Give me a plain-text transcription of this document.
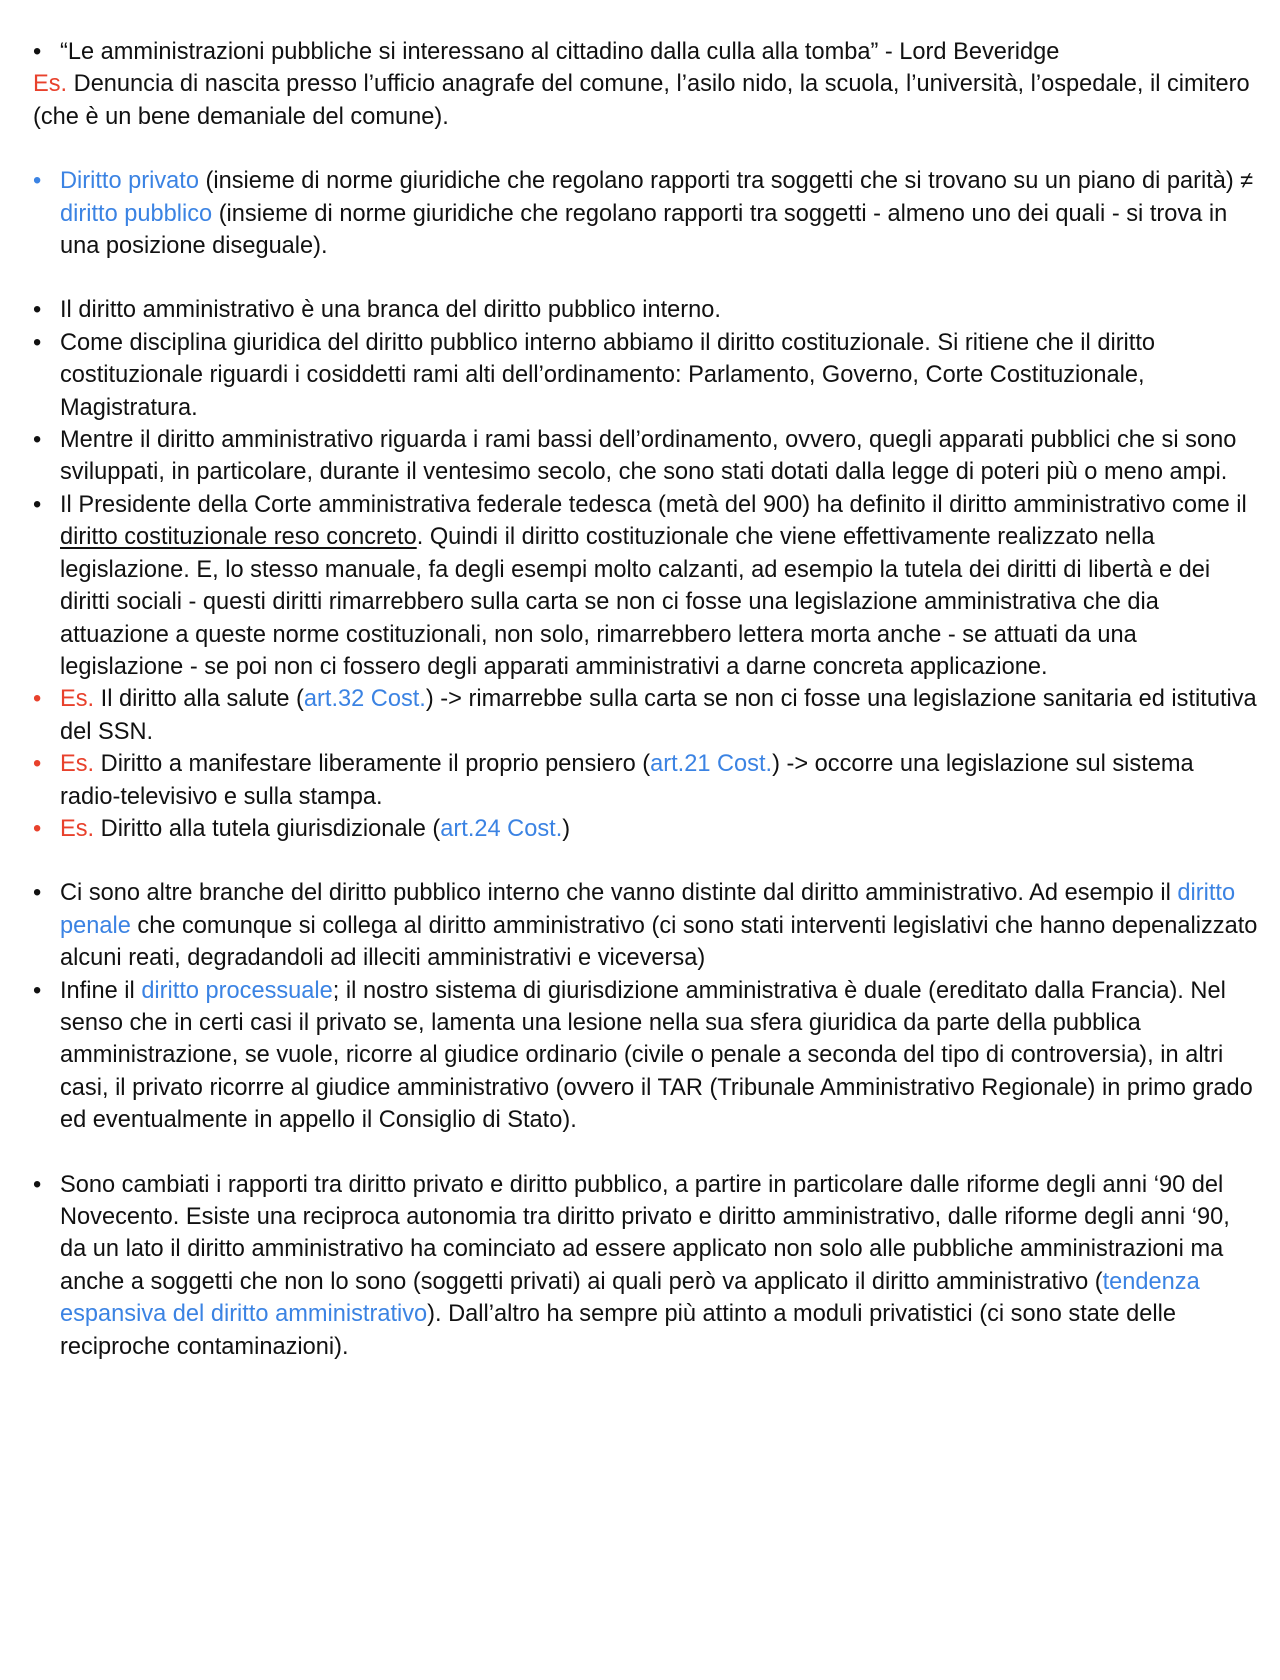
• “Le amministrazioni pubbliche si interessano al cittadino dalla culla alla tomba” - Lord Beveridge

Es. Denuncia di nascita presso l’ufficio anagrafe del comune, l’asilo nido, la scuola, l’università, l’ospedale, il cimitero (che è un bene demaniale del comune).

• Diritto privato (insieme di norme giuridiche che regolano rapporti tra soggetti che si trovano su un piano di parità) ≠ diritto pubblico (insieme di norme giuridiche che regolano rapporti tra soggetti - almeno uno dei quali - si trova in una posizione diseguale).
• Il diritto amministrativo è una branca del diritto pubblico interno.
• Come disciplina giuridica del diritto pubblico interno abbiamo il diritto costituzionale. Si ritiene che il diritto costituzionale riguardi i cosiddetti rami alti dell’ordinamento: Parlamento, Governo, Corte Costituzionale, Magistratura.
• Mentre il diritto amministrativo riguarda i rami bassi dell’ordinamento, ovvero, quegli apparati pubblici che si sono sviluppati, in particolare, durante il ventesimo secolo, che sono stati dotati dalla legge di poteri più o meno ampi.
• Il Presidente della Corte amministrativa federale tedesca (metà del 900) ha definito il diritto amministrativo come il diritto costituzionale reso concreto. Quindi il diritto costituzionale che viene effettivamente realizzato nella legislazione. E, lo stesso manuale, fa degli esempi molto calzanti, ad esempio la tutela dei diritti di libertà e dei diritti sociali - questi diritti rimarrebbero sulla carta se non ci fosse una legislazione amministrativa che dia attuazione a queste norme costituzionali, non solo, rimarrebbero lettera morta anche - se attuati da una legislazione - se poi non ci fossero degli apparati amministrativi a darne concreta applicazione.
• Es. Il diritto alla salute (art.32 Cost.) -> rimarrebbe sulla carta se non ci fosse una legislazione sanitaria ed istitutiva del SSN.
• Es. Diritto a manifestare liberamente il proprio pensiero (art.21 Cost.) -> occorre una legislazione sul sistema radio-televisivo e sulla stampa.
• Es. Diritto alla tutela giurisdizionale (art.24 Cost.)
• Ci sono altre branche del diritto pubblico interno che vanno distinte dal diritto amministrativo. Ad esempio il diritto penale che comunque si collega al diritto amministrativo (ci sono stati interventi legislativi che hanno depenalizzato alcuni reati, degradandoli ad illeciti amministrativi e viceversa)
• Infine il diritto processuale; il nostro sistema di giurisdizione amministrativa è duale (ereditato dalla Francia). Nel senso che in certi casi il privato se, lamenta una lesione nella sua sfera giuridica da parte della pubblica amministrazione, se vuole, ricorre al giudice ordinario (civile o penale a seconda del tipo di controversia), in altri casi, il privato ricorrre al giudice amministrativo (ovvero il TAR (Tribunale Amministrativo Regionale) in primo grado ed eventualmente in appello il Consiglio di Stato).
• Sono cambiati i rapporti tra diritto privato e diritto pubblico, a partire in particolare dalle riforme degli anni ‘90 del Novecento. Esiste una reciproca autonomia tra diritto privato e diritto amministrativo, dalle riforme degli anni ‘90, da un lato il diritto amministrativo ha cominciato ad essere applicato non solo alle pubbliche amministrazioni ma anche a soggetti che non lo sono (soggetti privati) ai quali però va applicato il diritto amministrativo (tendenza espansiva del diritto amministrativo). Dall’altro ha sempre più attinto a moduli privatistici (ci sono state delle reciproche contaminazioni).
